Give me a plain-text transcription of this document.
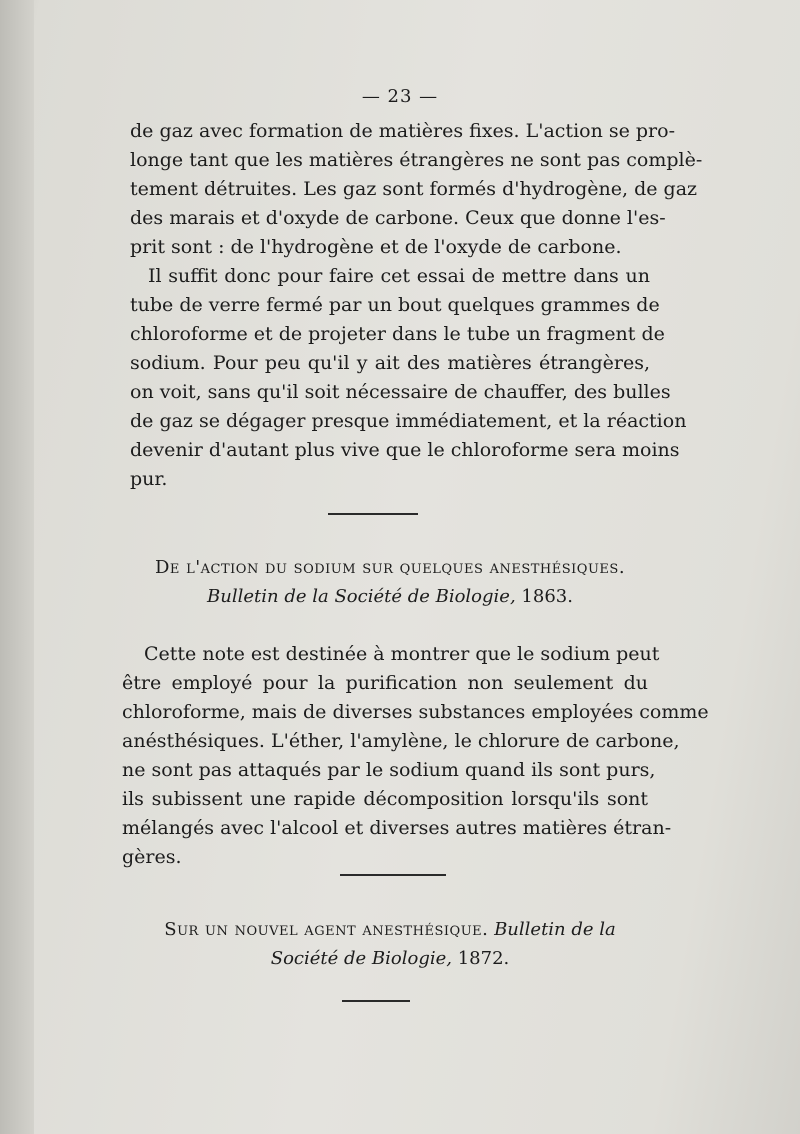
— 23 —
de gaz avec formation de matières fixes. L'action se pro-
longe tant que les matières étrangères ne sont pas complè-
tement détruites. Les gaz sont formés d'hydrogène, de gaz
des marais et d'oxyde de carbone. Ceux que donne l'es-
prit sont : de l'hydrogène et de l'oxyde de carbone.
Il suffit donc pour faire cet essai de mettre dans un
tube de verre fermé par un bout quelques grammes de
chloroforme et de projeter dans le tube un fragment de
sodium. Pour peu qu'il y ait des matières étrangères,
on voit, sans qu'il soit nécessaire de chauffer, des bulles
de gaz se dégager presque immédiatement, et la réaction
devenir d'autant plus vive que le chloroforme sera moins
pur.
De l'action du sodium sur quelques anesthésiques.
Bulletin de la Société de Biologie, 1863.
Cette note est destinée à montrer que le sodium peut
être employé pour la purification non seulement du
chloroforme, mais de diverses substances employées comme
anésthésiques. L'éther, l'amylène, le chlorure de carbone,
ne sont pas attaqués par le sodium quand ils sont purs,
ils subissent une rapide décomposition lorsqu'ils sont
mélangés avec l'alcool et diverses autres matières étran-
gères.
Sur un nouvel agent anesthésique. Bulletin de la
Société de Biologie, 1872.
